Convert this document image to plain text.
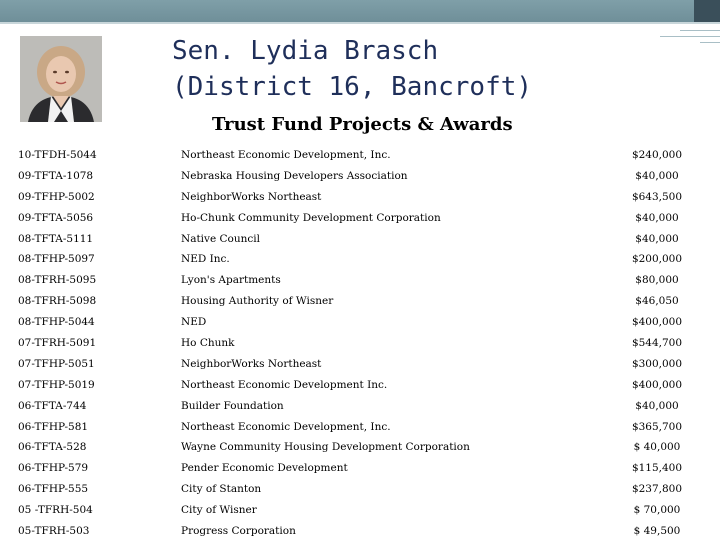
Sen. Lydia Brasch
(District 16, Bancroft)
Trust Fund Projects & Awards
10-TFDH-5044	Northeast Economic Development, Inc.	$240,000
09-TFTA-1078	Nebraska Housing Developers Association	$40,000
09-TFHP-5002	NeighborWorks Northeast	$643,500
09-TFTA-5056	Ho-Chunk Community Development Corporation	$40,000
08-TFTA-5111	Native Council	$40,000
08-TFHP-5097	NED Inc.	$200,000
08-TFRH-5095	Lyon's Apartments	$80,000
08-TFRH-5098	Housing Authority of Wisner	$46,050
08-TFHP-5044	NED	$400,000
07-TFRH-5091	Ho Chunk	$544,700
07-TFHP-5051	NeighborWorks Northeast	$300,000
07-TFHP-5019	Northeast Economic Development Inc.	$400,000
06-TFTA-744	Builder Foundation	$40,000
06-TFHP-581	Northeast Economic Development, Inc.	$365,700
06-TFTA-528	Wayne Community Housing Development Corporation	$ 40,000
06-TFHP-579	Pender Economic Development	$115,400
06-TFHP-555	City of Stanton	$237,800
05 -TFRH-504	City of Wisner	$ 70,000
05-TFRH-503	Progress Corporation	$ 49,500
